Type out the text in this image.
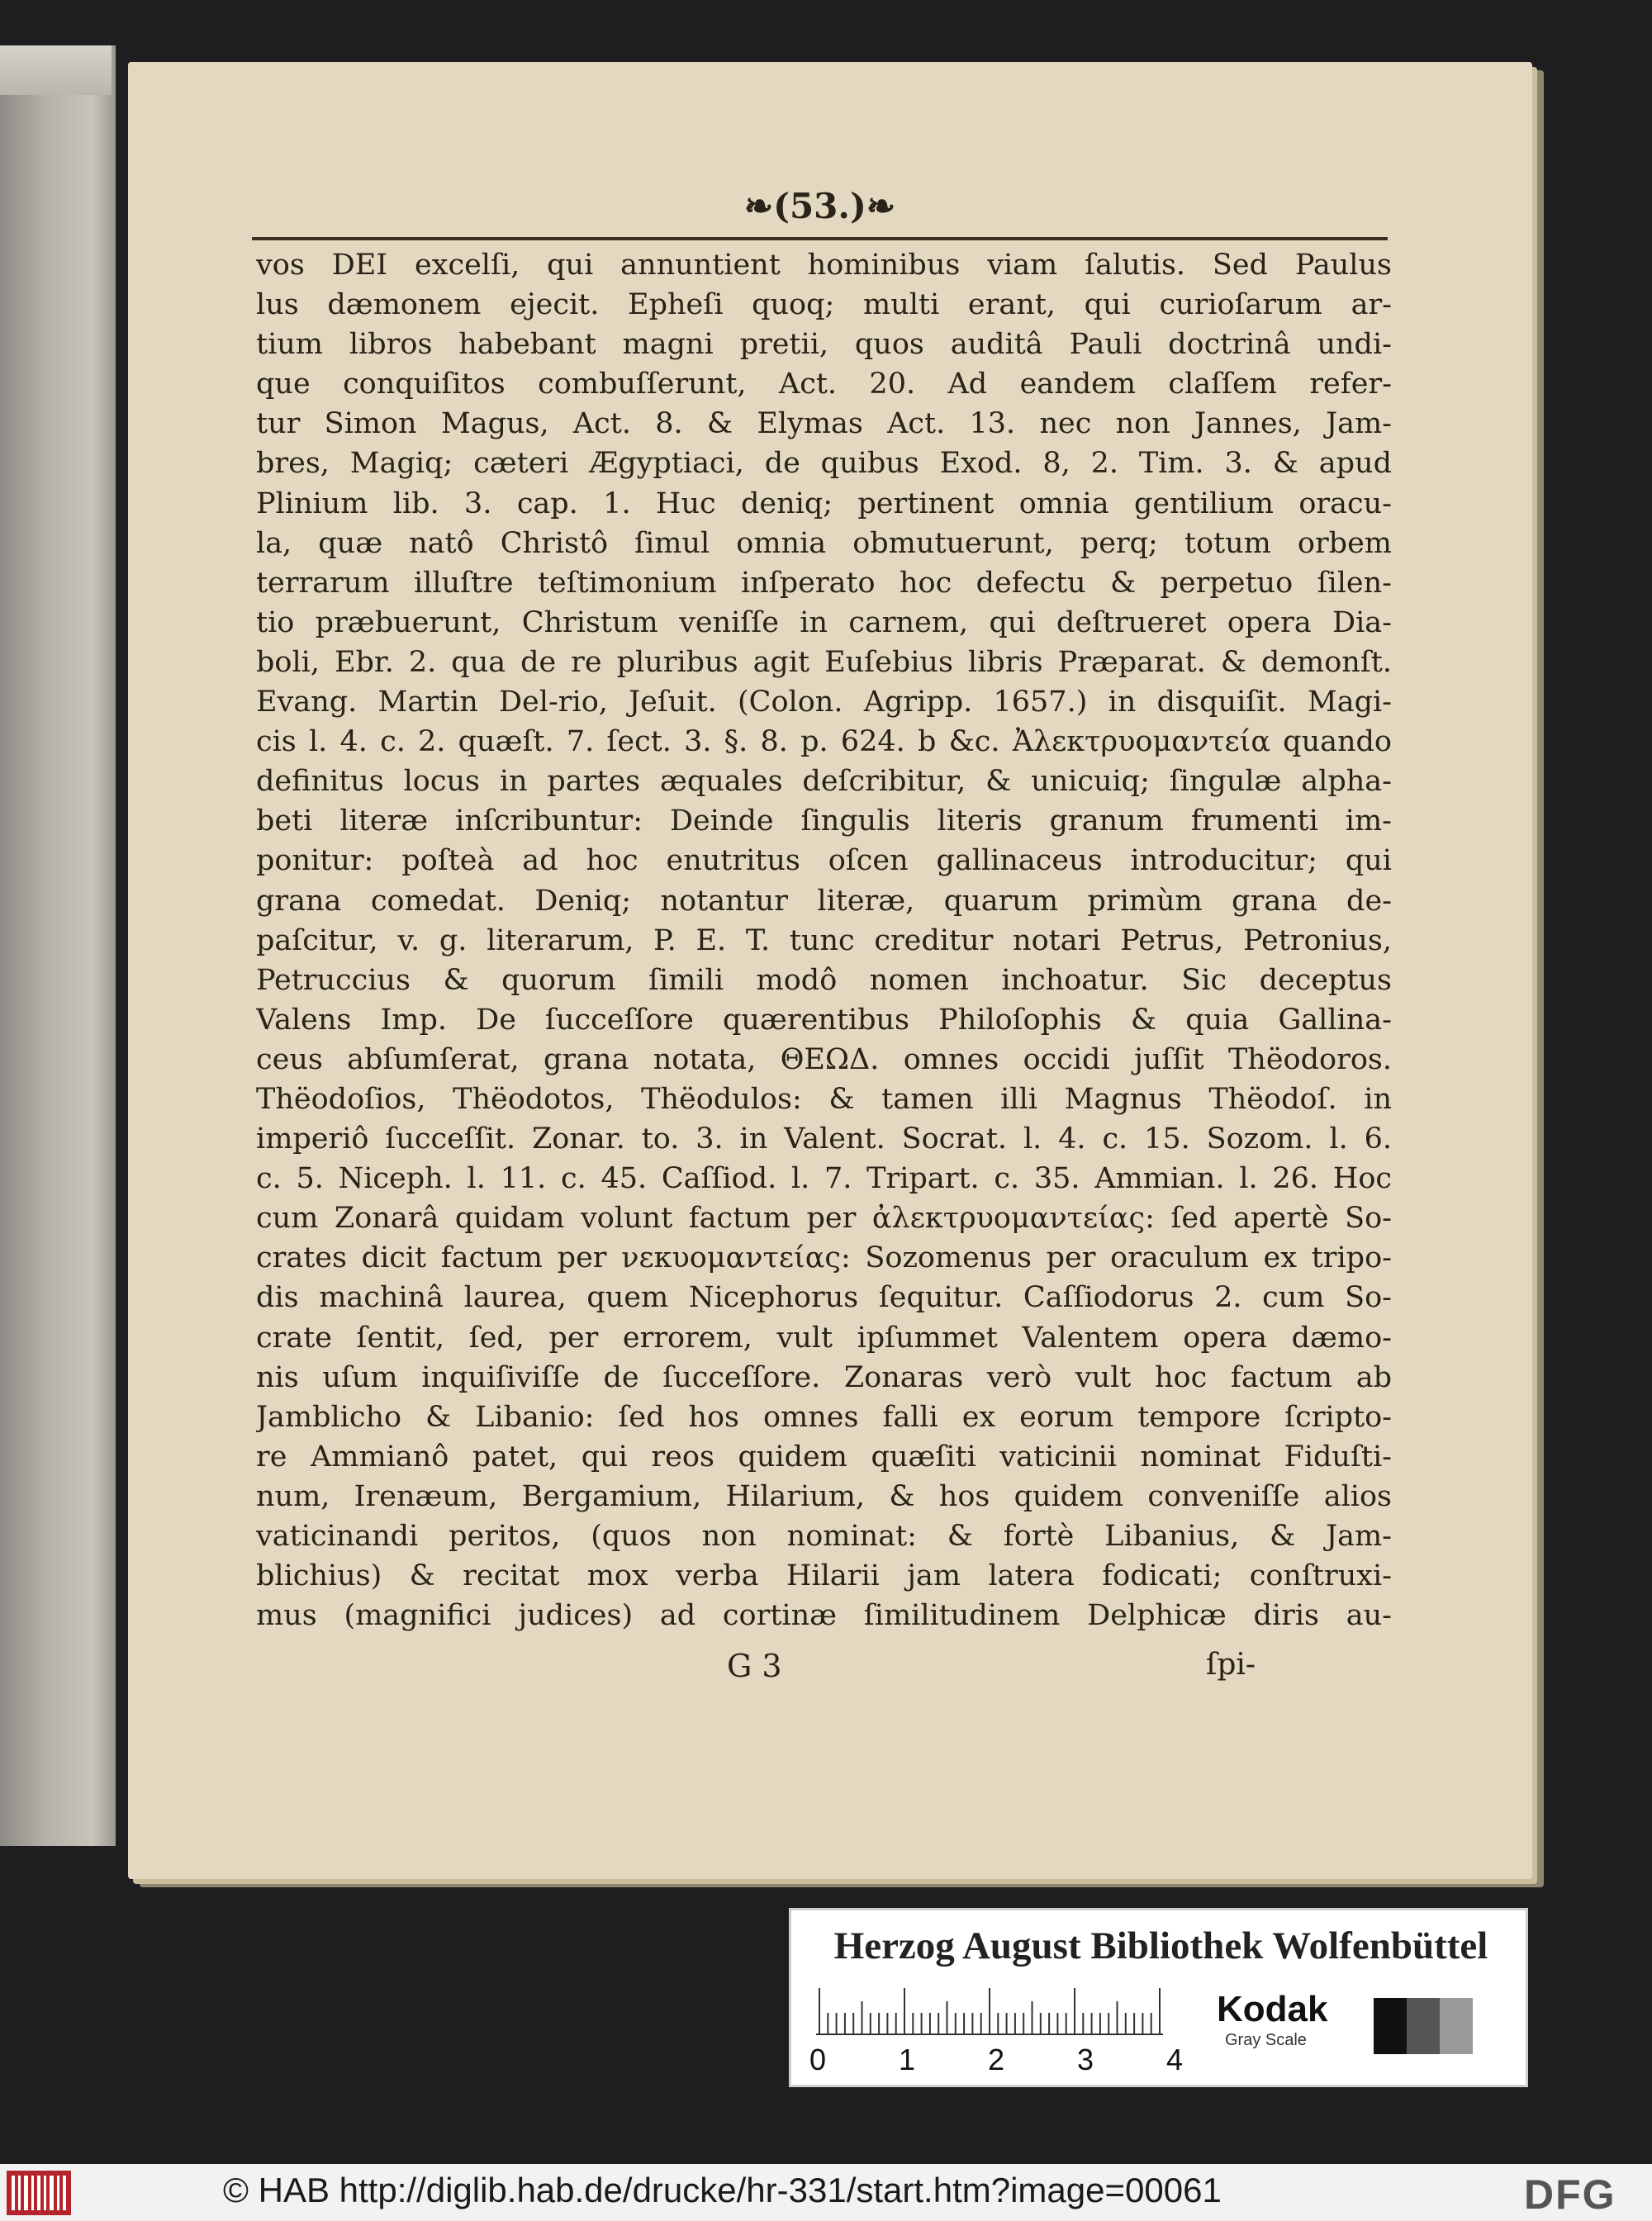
❧(53.)❧
vos DEI excelſi, qui annuntient hominibus viam ſalutis. Sed Paulus
lus dæmonem ejecit. Epheſi quoq; multi erant, qui curioſarum ar-
tium libros habebant magni pretii, quos auditâ Pauli doctrinâ undi-
que conquiſitos combuſſerunt, Act. 20. Ad eandem claſſem refer-
tur Simon Magus, Act. 8. & Elymas Act. 13. nec non Jannes, Jam-
bres, Magiq; cæteri Ægyptiaci, de quibus Exod. 8, 2. Tim. 3. & apud
Plinium lib. 3. cap. 1. Huc deniq; pertinent omnia gentilium oracu-
la, quæ natô Christô ſimul omnia obmutuerunt, perq; totum orbem
terrarum illuſtre teſtimonium inſperato hoc defectu & perpetuo ſilen-
tio præbuerunt, Christum veniſſe in carnem, qui deſtrueret opera Dia-
boli, Ebr. 2. qua de re pluribus agit Euſebius libris Præparat. & demonſt.
Evang. Martin Del-rio, Jeſuit. (Colon. Agripp. 1657.) in disquiſit. Magi-
cis l. 4. c. 2. quæſt. 7. ſect. 3. §. 8. p. 624. b &c. Ἀλεκτρυομαντεία quando
definitus locus in partes æquales deſcribitur, & unicuiq; ſingulæ alpha-
beti literæ inſcribuntur: Deinde ſingulis literis granum frumenti im-
ponitur: poſteà ad hoc enutritus oſcen gallinaceus introducitur; qui
grana comedat. Deniq; notantur literæ, quarum primùm grana de-
paſcitur, v. g. literarum, P. E. T. tunc creditur notari Petrus, Petronius,
Petruccius & quorum ſimili modô nomen inchoatur. Sic deceptus
Valens Imp. De ſucceſſore quærentibus Philoſophis & quia Gallina-
ceus abſumſerat, grana notata, ΘΕΩΔ. omnes occidi juſſit Thëodoros.
Thëodoſios, Thëodotos, Thëodulos: & tamen illi Magnus Thëodoſ. in
imperiô ſucceſſit. Zonar. to. 3. in Valent. Socrat. l. 4. c. 15. Sozom. l. 6.
c. 5. Niceph. l. 11. c. 45. Caſſiod. l. 7. Tripart. c. 35. Ammian. l. 26. Hoc
cum Zonarâ quidam volunt factum per ἀλεκτρυομαντείας: ſed apertè So-
crates dicit factum per νεκυομαντείας: Sozomenus per oraculum ex tripo-
dis machinâ laurea, quem Nicephorus ſequitur. Caſſiodorus 2. cum So-
crate ſentit, ſed, per errorem, vult ipſummet Valentem opera dæmo-
nis uſum inquiſiviſſe de ſucceſſore. Zonaras verò vult hoc factum ab
Jamblicho & Libanio: ſed hos omnes falli ex eorum tempore ſcripto-
re Ammianô patet, qui reos quidem quæſiti vaticinii nominat Fiduſti-
num, Irenæum, Bergamium, Hilarium, & hos quidem conveniſſe alios
vaticinandi peritos, (quos non nominat: & fortè Libanius, & Jam-
blichius) & recitat mox verba Hilarii jam latera fodicati; conſtruxi-
mus (magnifici judices) ad cortinæ ſimilitudinem Delphicæ diris au-
G 3	ſpi-
Herzog August Bibliothek Wolfenbüttel
0 1 2 3 4
Kodak
Gray Scale
© HAB http://diglib.hab.de/drucke/hr-331/start.htm?image=00061	DFG
